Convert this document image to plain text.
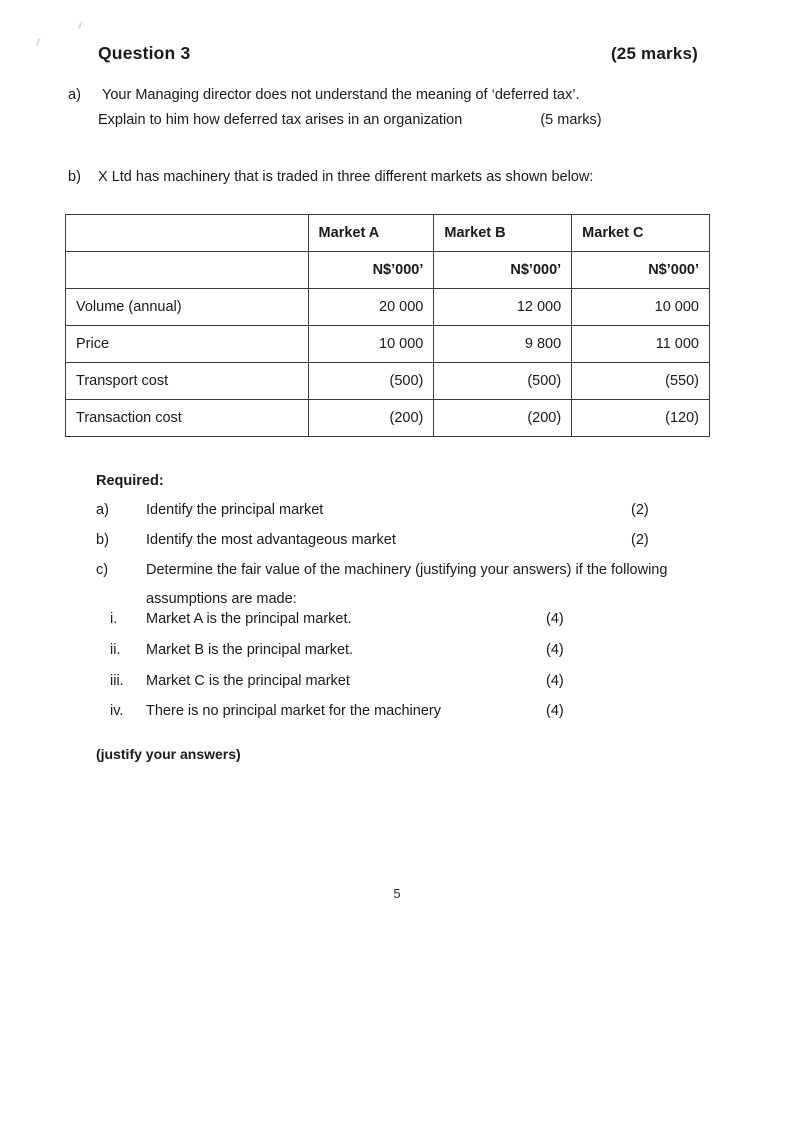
Question 3	(25 marks)
a) Your Managing director does not understand the meaning of ‘deferred tax’.
Explain to him how deferred tax arises in an organization	(5 marks)
b) X Ltd has machinery that is traded in three different markets as shown below:
	Market A	Market B	Market C
	N$’000’	N$’000’	N$’000’
Volume (annual)	20 000	12 000	10 000
Price	10 000	9 800	11 000
Transport cost	(500)	(500)	(550)
Transaction cost	(200)	(200)	(120)
Required:
a)	Identify the principal market	(2)
b)	Identify the most advantageous market	(2)
c)	Determine the fair value of the machinery (justifying your answers) if the following
assumptions are made:
i.	Market A is the principal market.	(4)
ii.	Market B is the principal market.	(4)
iii.	Market C is the principal market	(4)
iv.	There is no principal market for the machinery	(4)
(justify your answers)
5
